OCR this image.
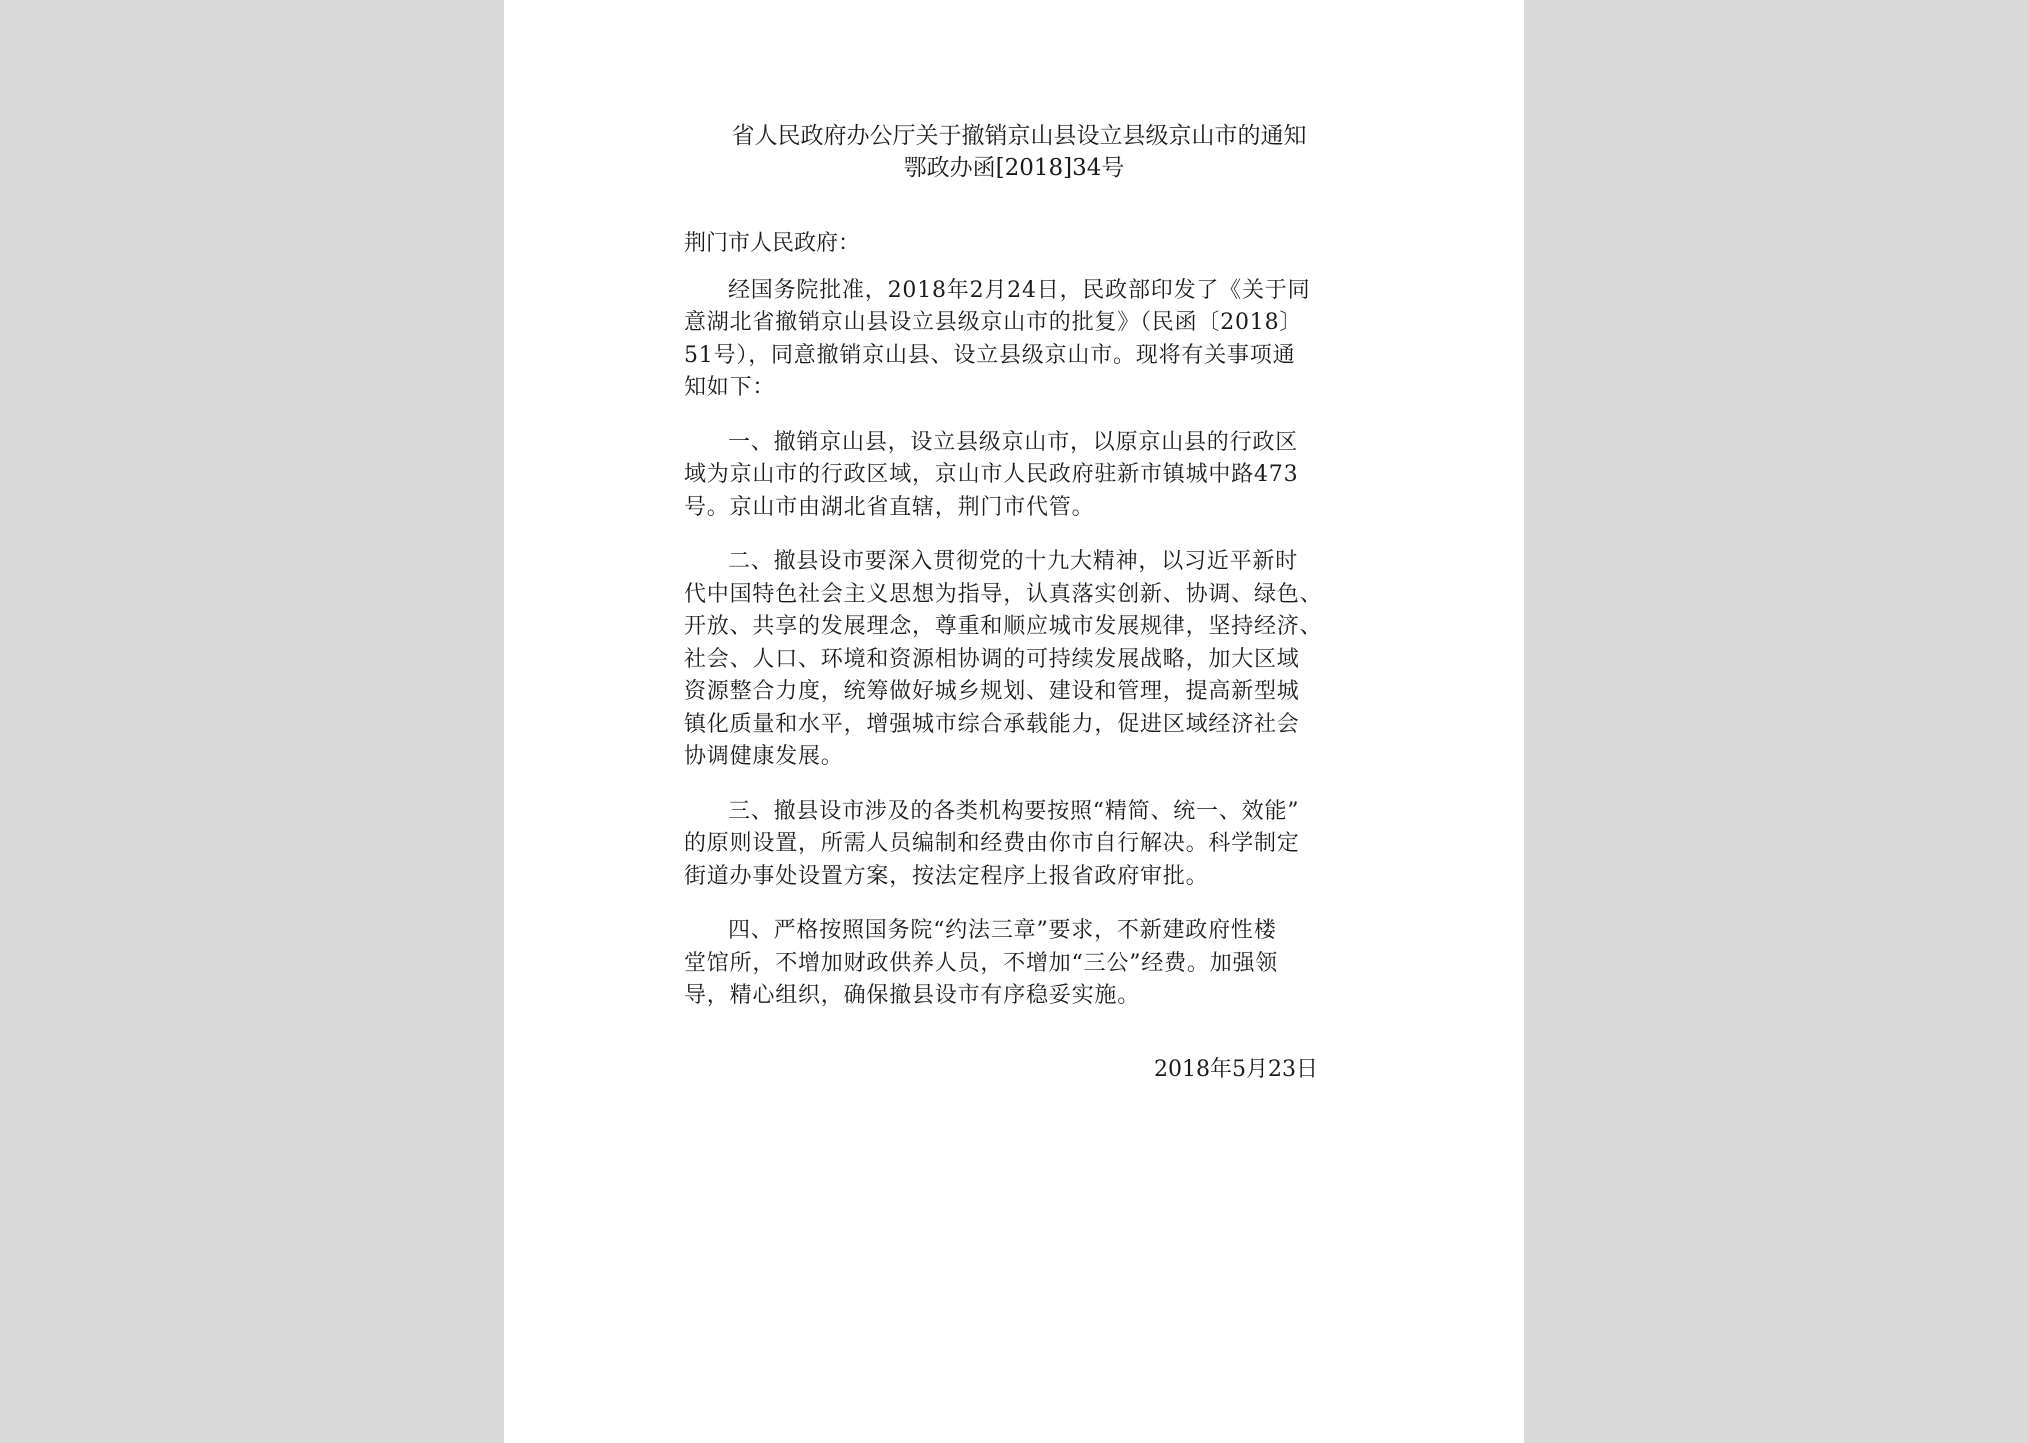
省人民政府办公厅关于撤销京山县设立县级京山市的通知
鄂政办函[2018]34号
荆门市人民政府：
经国务院批准，2018年2月24日，民政部印发了《关于同
意湖北省撤销京山县设立县级京山市的批复》（民函〔2018〕
51号），同意撤销京山县、设立县级京山市。现将有关事项通
知如下：
一、撤销京山县，设立县级京山市，以原京山县的行政区
域为京山市的行政区域，京山市人民政府驻新市镇城中路473
号。京山市由湖北省直辖，荆门市代管。
二、撤县设市要深入贯彻党的十九大精神，以习近平新时
代中国特色社会主义思想为指导，认真落实创新、协调、绿色、
开放、共享的发展理念，尊重和顺应城市发展规律，坚持经济、
社会、人口、环境和资源相协调的可持续发展战略，加大区域
资源整合力度，统筹做好城乡规划、建设和管理，提高新型城
镇化质量和水平，增强城市综合承载能力，促进区域经济社会
协调健康发展。
三、撤县设市涉及的各类机构要按照“精简、统一、效能”
的原则设置，所需人员编制和经费由你市自行解决。科学制定
街道办事处设置方案，按法定程序上报省政府审批。
四、严格按照国务院“约法三章”要求，不新建政府性楼
堂馆所，不增加财政供养人员，不增加“三公”经费。加强领
导，精心组织，确保撤县设市有序稳妥实施。
2018年5月23日
